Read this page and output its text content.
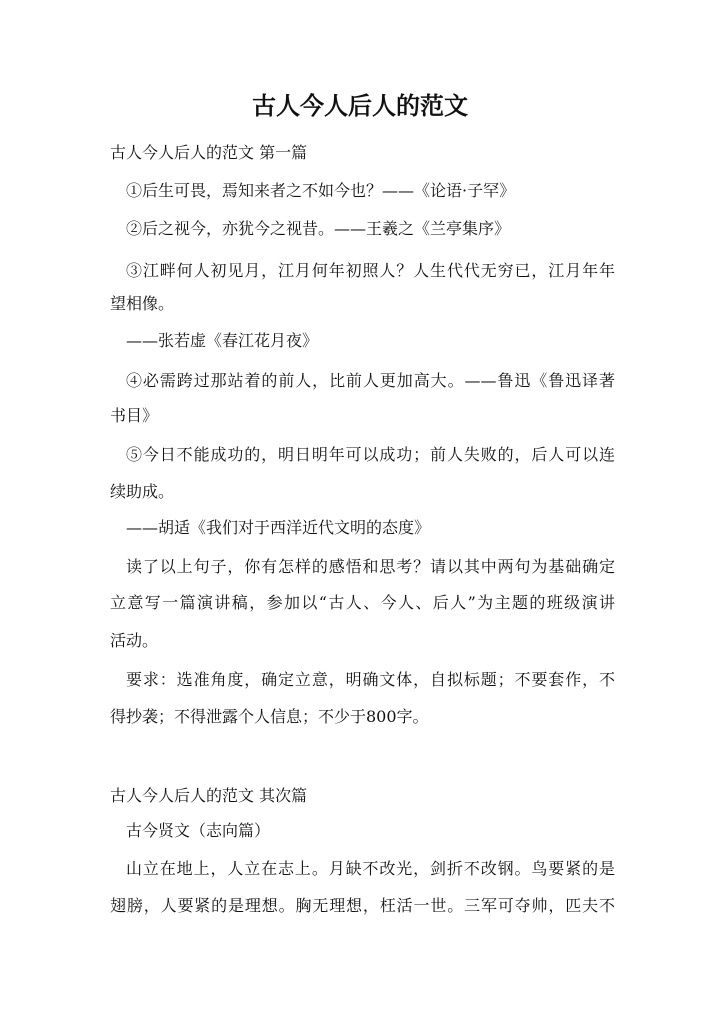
古人今人后人的范文
古人今人后人的范文 第一篇
①后生可畏，焉知来者之不如今也？——《论语·子罕》
②后之视今，亦犹今之视昔。——王羲之《兰亭集序》
③江畔何人初见月，江月何年初照人？人生代代无穷已，江月年年
望相像。
——张若虚《春江花月夜》
④必需跨过那站着的前人，比前人更加高大。——鲁迅《鲁迅译著
书目》
⑤今日不能成功的，明日明年可以成功；前人失败的，后人可以连
续助成。
——胡适《我们对于西洋近代文明的态度》
读了以上句子，你有怎样的感悟和思考？请以其中两句为基础确定
立意写一篇演讲稿，参加以“古人、今人、后人”为主题的班级演讲
活动。
要求：选准角度，确定立意，明确文体，自拟标题；不要套作，不
得抄袭；不得泄露个人信息；不少于800字。
古人今人后人的范文 其次篇
古今贤文（志向篇）
山立在地上，人立在志上。月缺不改光，剑折不改钢。鸟要紧的是
翅膀，人要紧的是理想。胸无理想，枉活一世。三军可夺帅，匹夫不
